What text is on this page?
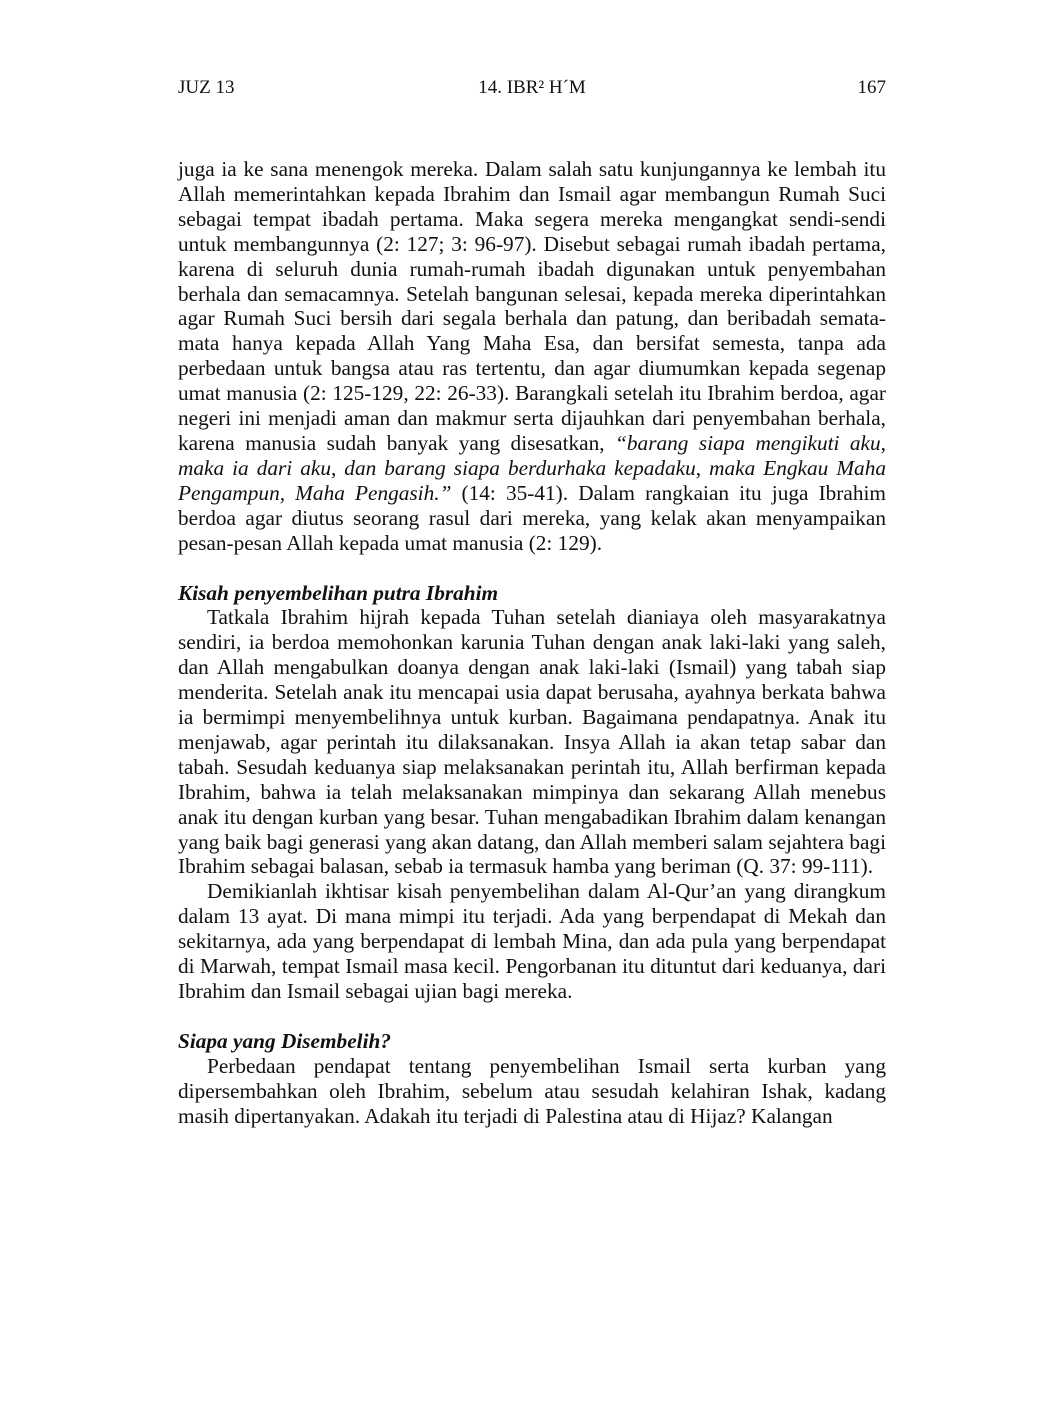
JUZ 13	14. IBR² H´M	167

juga ia ke sana menengok mereka. Dalam salah satu kunjungannya ke lembah itu Allah memerintahkan kepada Ibrahim dan Ismail agar membangun Rumah Suci sebagai tempat ibadah pertama. Maka segera mereka mengangkat sendi-sendi untuk membangunnya (2: 127; 3: 96-97). Disebut sebagai rumah ibadah pertama, karena di seluruh dunia rumah-rumah ibadah digunakan untuk penyembahan berhala dan semacamnya. Setelah bangunan selesai, kepada mereka diperintahkan agar Rumah Suci bersih dari segala berhala dan patung, dan beribadah semata-mata hanya kepada Allah Yang Maha Esa, dan bersifat semesta, tanpa ada perbedaan untuk bangsa atau ras tertentu, dan agar diumumkan kepada segenap umat manusia (2: 125-129, 22: 26-33). Barangkali setelah itu Ibrahim berdoa, agar negeri ini menjadi aman dan makmur serta dijauhkan dari penyembahan berhala, karena manusia sudah banyak yang disesatkan, “barang siapa mengikuti aku, maka ia dari aku, dan barang siapa berdurhaka kepadaku, maka Engkau Maha Pengampun, Maha Pengasih.” (14: 35-41). Dalam rangkaian itu juga Ibrahim berdoa agar diutus seorang rasul dari mereka, yang kelak akan menyampaikan pesan-pesan Allah kepada umat manusia (2: 129).

Kisah penyembelihan putra Ibrahim

Tatkala Ibrahim hijrah kepada Tuhan setelah dianiaya oleh masyarakatnya sendiri, ia berdoa memohonkan karunia Tuhan dengan anak laki-laki yang saleh, dan Allah mengabulkan doanya dengan anak laki-laki (Ismail) yang tabah siap menderita. Setelah anak itu mencapai usia dapat berusaha, ayahnya berkata bahwa ia bermimpi menyembelihnya untuk kurban. Bagaimana pendapatnya. Anak itu menjawab, agar perintah itu dilaksanakan. Insya Allah ia akan tetap sabar dan tabah. Sesudah keduanya siap melaksanakan perintah itu, Allah berfirman kepada Ibrahim, bahwa ia telah melaksanakan mimpinya dan sekarang Allah menebus anak itu dengan kurban yang besar. Tuhan mengabadikan Ibrahim dalam kenangan yang baik bagi generasi yang akan datang, dan Allah memberi salam sejahtera bagi Ibrahim sebagai balasan, sebab ia termasuk hamba yang beriman (Q. 37: 99-111).

Demikianlah ikhtisar kisah penyembelihan dalam Al-Qur’an yang dirangkum dalam 13 ayat. Di mana mimpi itu terjadi. Ada yang berpendapat di Mekah dan sekitarnya, ada yang berpendapat di lembah Mina, dan ada pula yang berpendapat di Marwah, tempat Ismail masa kecil. Pengorbanan itu dituntut dari keduanya, dari Ibrahim dan Ismail sebagai ujian bagi mereka.

Siapa yang Disembelih?

Perbedaan pendapat tentang penyembelihan Ismail serta kurban yang dipersembahkan oleh Ibrahim, sebelum atau sesudah kelahiran Ishak, kadang masih dipertanyakan. Adakah itu terjadi di Palestina atau di Hijaz? Kalangan
